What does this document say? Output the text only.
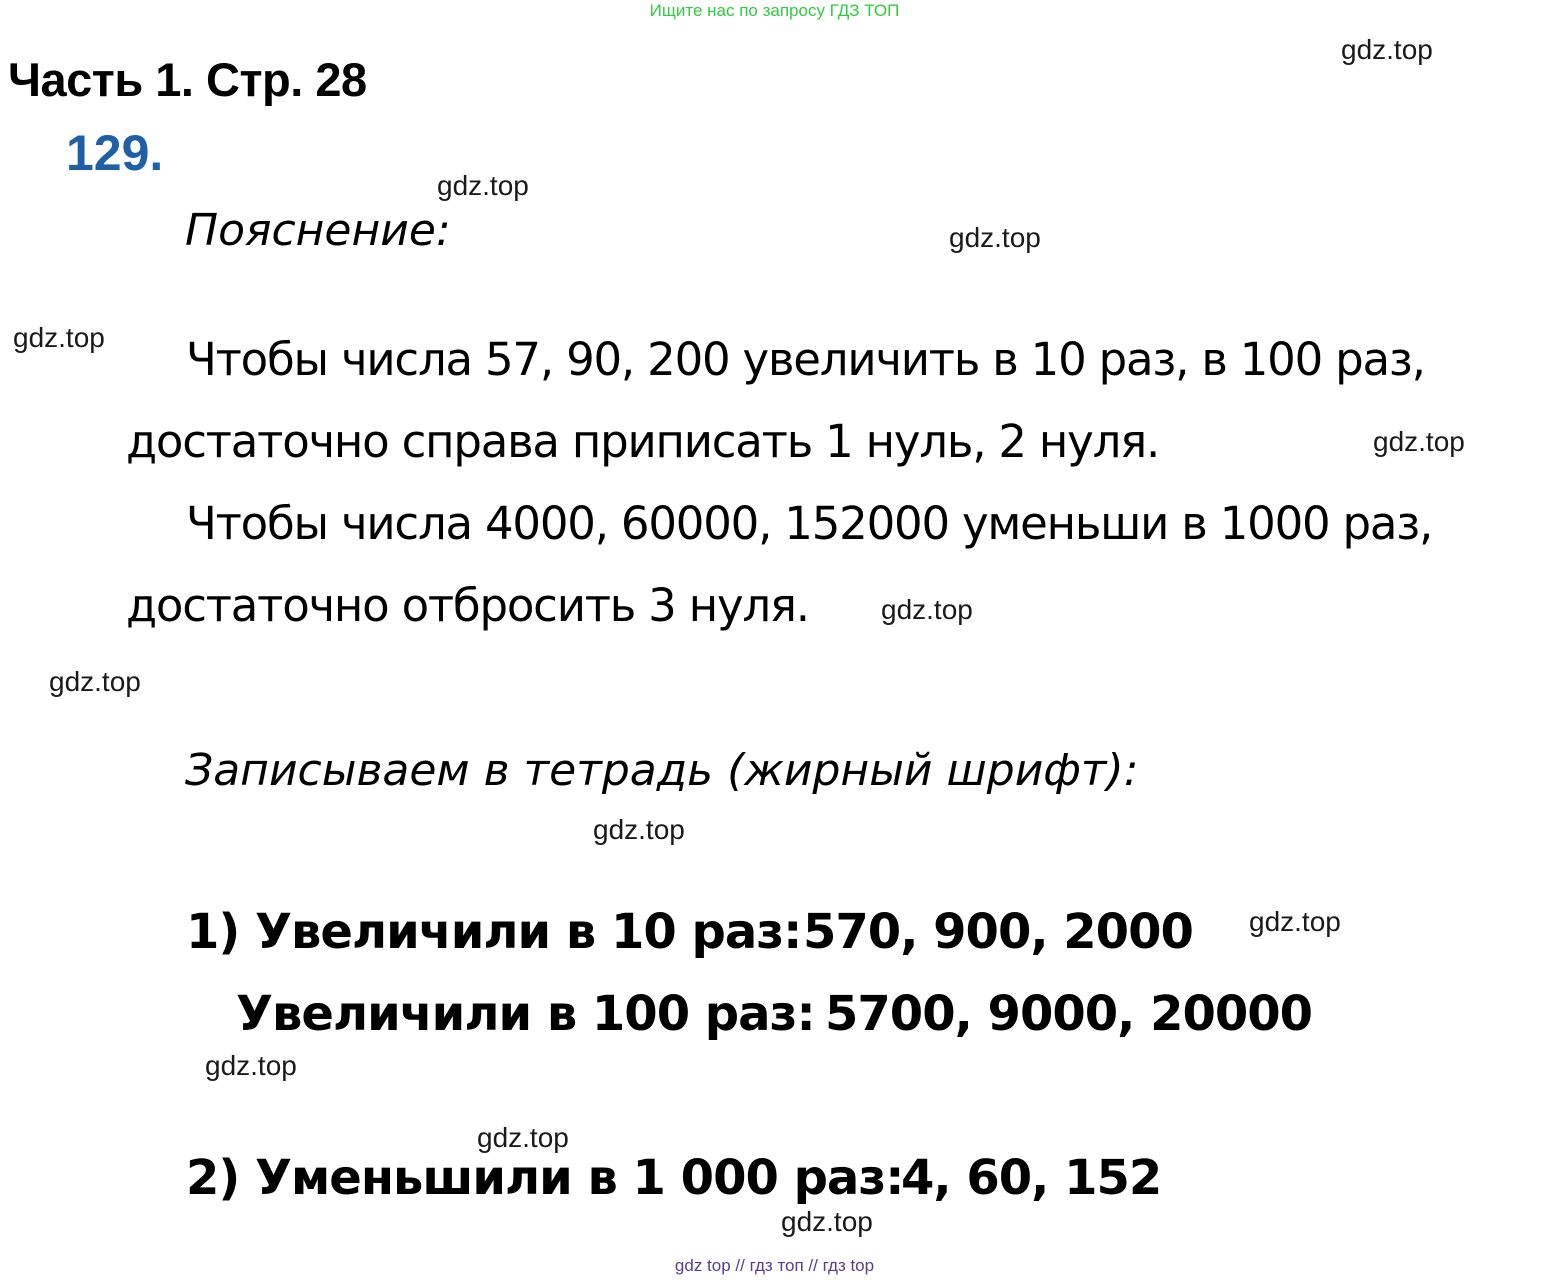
Ищите нас по запросу ГДЗ ТОП
Часть 1. Стр. 28
129.
Пояснение:
Чтобы числа 57, 90, 200 увеличить в 10 раз, в 100 раз,
достаточно справа приписать 1 нуль, 2 нуля.
Чтобы числа 4000, 60000, 152000 уменьши в 1000 раз,
достаточно отбросить 3 нуля.
Записываем в тетрадь (жирный шрифт):
1) Увеличили в 10 раз: 570, 900, 2000
Увеличили в 100 раз: 5700, 9000, 20000
2) Уменьшили в 1 000 раз:
4, 60, 152
gdz.top
gdz.top
gdz.top
gdz.top
gdz.top
gdz.top
gdz.top
gdz.top
gdz.top
gdz.top
gdz.top
gdz.top
gdz top // гдз топ // гдз top
